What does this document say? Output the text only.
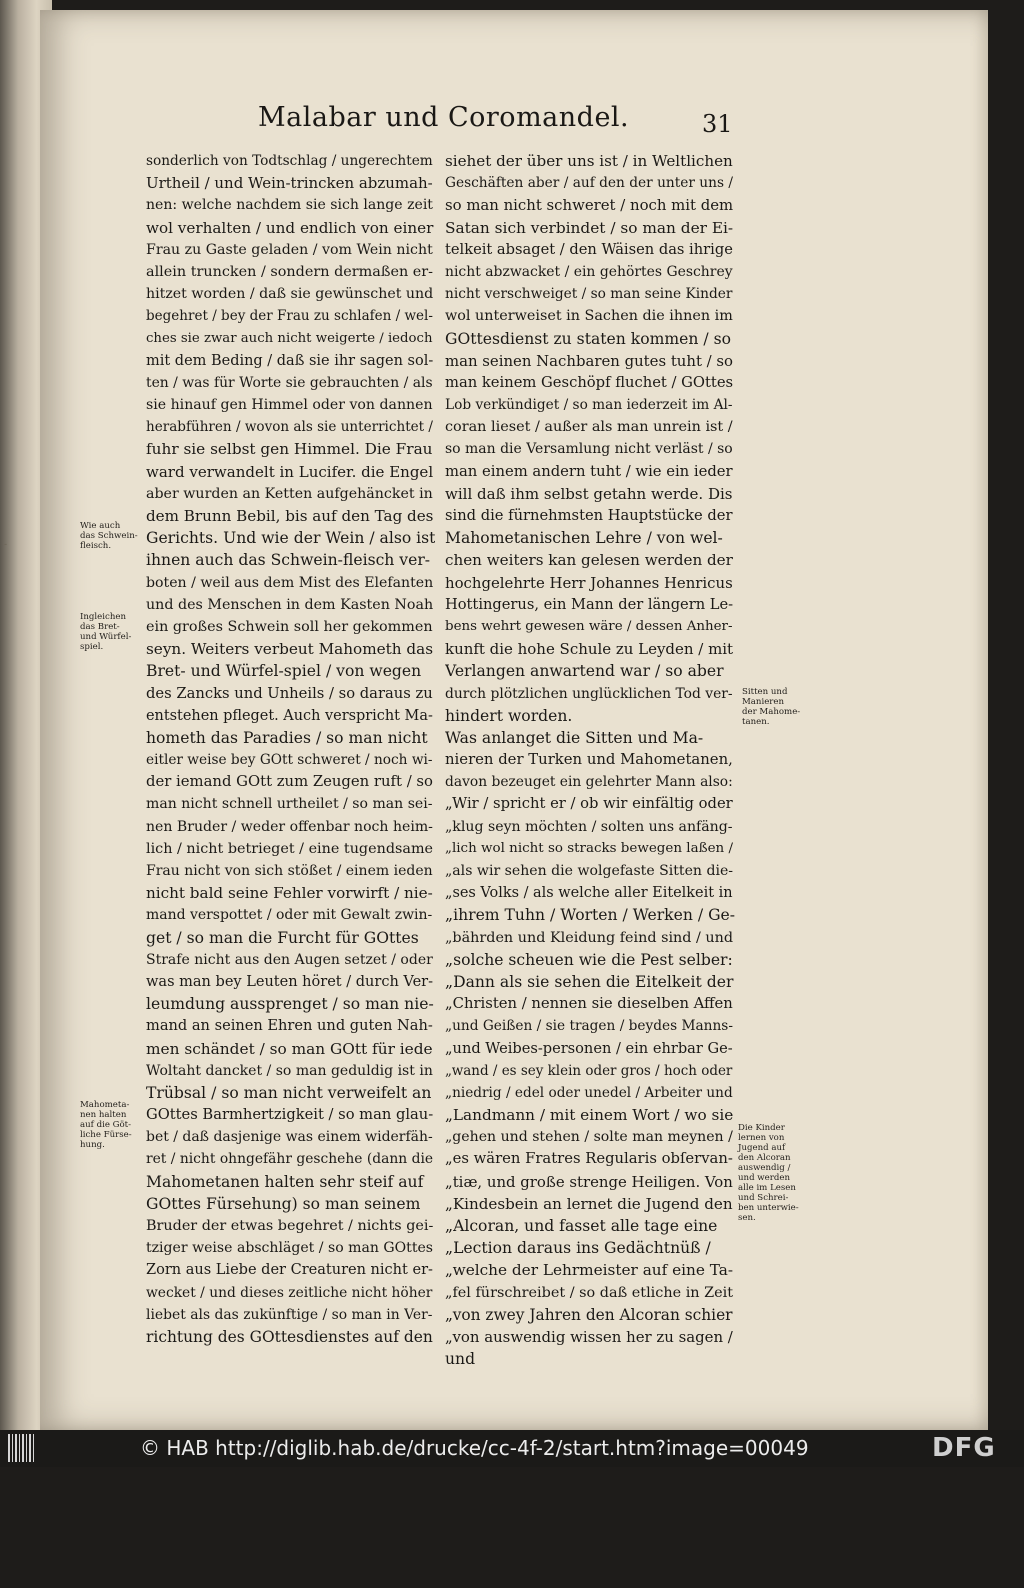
‐
Malabar und Coromandel.	31
sonderlich von Todtschlag / ungerechtem
Urtheil / und Wein-trincken abzumah-
nen: welche nachdem sie sich lange zeit
wol verhalten / und endlich von einer
Frau zu Gaste geladen / vom Wein nicht
allein truncken / sondern dermaßen er-
hitzet worden / daß sie gewünschet und
begehret / bey der Frau zu schlafen / wel-
ches sie zwar auch nicht weigerte / iedoch
mit dem Beding / daß sie ihr sagen sol-
ten / was für Worte sie gebrauchten / als
sie hinauf gen Himmel oder von dannen
herabführen / wovon als sie unterrichtet /
fuhr sie selbst gen Himmel. Die Frau
ward verwandelt in Lucifer. die Engel
aber wurden an Ketten aufgehäncket in
dem Brunn Bebil, bis auf den Tag des
Gerichts. Und wie der Wein / also ist
ihnen auch das Schwein-fleisch ver-
boten / weil aus dem Mist des Elefanten
und des Menschen in dem Kasten Noah
ein großes Schwein soll her gekommen
seyn. Weiters verbeut Mahometh das
Bret- und Würfel-spiel / von wegen
des Zancks und Unheils / so daraus zu
entstehen pfleget. Auch verspricht Ma-
hometh das Paradies / so man nicht
eitler weise bey GOtt schweret / noch wi-
der iemand GOtt zum Zeugen ruft / so
man nicht schnell urtheilet / so man sei-
nen Bruder / weder offenbar noch heim-
lich / nicht betrieget / eine tugendsame
Frau nicht von sich stößet / einem ieden
nicht bald seine Fehler vorwirft / nie-
mand verspottet / oder mit Gewalt zwin-
get / so man die Furcht für GOttes
Strafe nicht aus den Augen setzet / oder
was man bey Leuten höret / durch Ver-
leumdung aussprenget / so man nie-
mand an seinen Ehren und guten Nah-
men schändet / so man GOtt für iede
Woltaht dancket / so man geduldig ist in
Trübsal / so man nicht verweifelt an
GOttes Barmhertzigkeit / so man glau-
bet / daß dasjenige was einem widerfäh-
ret / nicht ohngefähr geschehe (dann die
Mahometanen halten sehr steif auf
GOttes Fürsehung) so man seinem
Bruder der etwas begehret / nichts gei-
tziger weise abschläget / so man GOttes
Zorn aus Liebe der Creaturen nicht er-
wecket / und dieses zeitliche nicht höher
liebet als das zukünftige / so man in Ver-
richtung des GOttesdienstes auf den
siehet der über uns ist / in Weltlichen
Geschäften aber / auf den der unter uns /
so man nicht schweret / noch mit dem
Satan sich verbindet / so man der Ei-
telkeit absaget / den Wäisen das ihrige
nicht abzwacket / ein gehörtes Geschrey
nicht verschweiget / so man seine Kinder
wol unterweiset in Sachen die ihnen im
GOttesdienst zu staten kommen / so
man seinen Nachbaren gutes tuht / so
man keinem Geschöpf fluchet / GOttes
Lob verkündiget / so man iederzeit im Al-
coran lieset / außer als man unrein ist /
so man die Versamlung nicht verläst / so
man einem andern tuht / wie ein ieder
will daß ihm selbst getahn werde. Dis
sind die fürnehmsten Hauptstücke der
Mahometanischen Lehre / von wel-
chen weiters kan gelesen werden der
hochgelehrte Herr Johannes Henricus
Hottingerus, ein Mann der längern Le-
bens wehrt gewesen wäre / dessen Anher-
kunft die hohe Schule zu Leyden / mit
Verlangen anwartend war / so aber
durch plötzlichen unglücklichen Tod ver-
hindert worden.
Was anlanget die Sitten und Ma-
nieren der Turken und Mahometanen,
davon bezeuget ein gelehrter Mann also:
„Wir / spricht er / ob wir einfältig oder
„klug seyn möchten / solten uns anfäng-
„lich wol nicht so stracks bewegen laßen /
„als wir sehen die wolgefaste Sitten die-
„ses Volks / als welche aller Eitelkeit in
„ihrem Tuhn / Worten / Werken / Ge-
„bährden und Kleidung feind sind / und
„solche scheuen wie die Pest selber:
„Dann als sie sehen die Eitelkeit der
„Christen / nennen sie dieselben Affen
„und Geißen / sie tragen / beydes Manns-
„und Weibes-personen / ein ehrbar Ge-
„wand / es sey klein oder gros / hoch oder
„niedrig / edel oder unedel / Arbeiter und
„Landmann / mit einem Wort / wo sie
„gehen und stehen / solte man meynen /
„es wären Fratres Regularis obſervan-
„tiæ, und große strenge Heiligen. Von
„Kindesbein an lernet die Jugend den
„Alcoran, und fasset alle tage eine
„Lection daraus ins Gedächtnüß /
„welche der Lehrmeister auf eine Ta-
„fel fürschreibet / so daß etliche in Zeit
„von zwey Jahren den Alcoran schier
„von auswendig wissen her zu sagen /
und
Wie auch
das Schwein-
fleisch.
Ingleichen
das Bret-
und Würfel-
spiel.
Mahometa-
nen halten
auf die Göt-
liche Fürse-
hung.
Sitten und
Manieren
der Mahome-
tanen.
Die Kinder
lernen von
Jugend auf
den Alcoran
auswendig /
und werden
alle im Lesen
und Schrei-
ben unterwie-
sen.
© HAB http://diglib.hab.de/drucke/cc-4f-2/start.htm?image=00049	DFG
